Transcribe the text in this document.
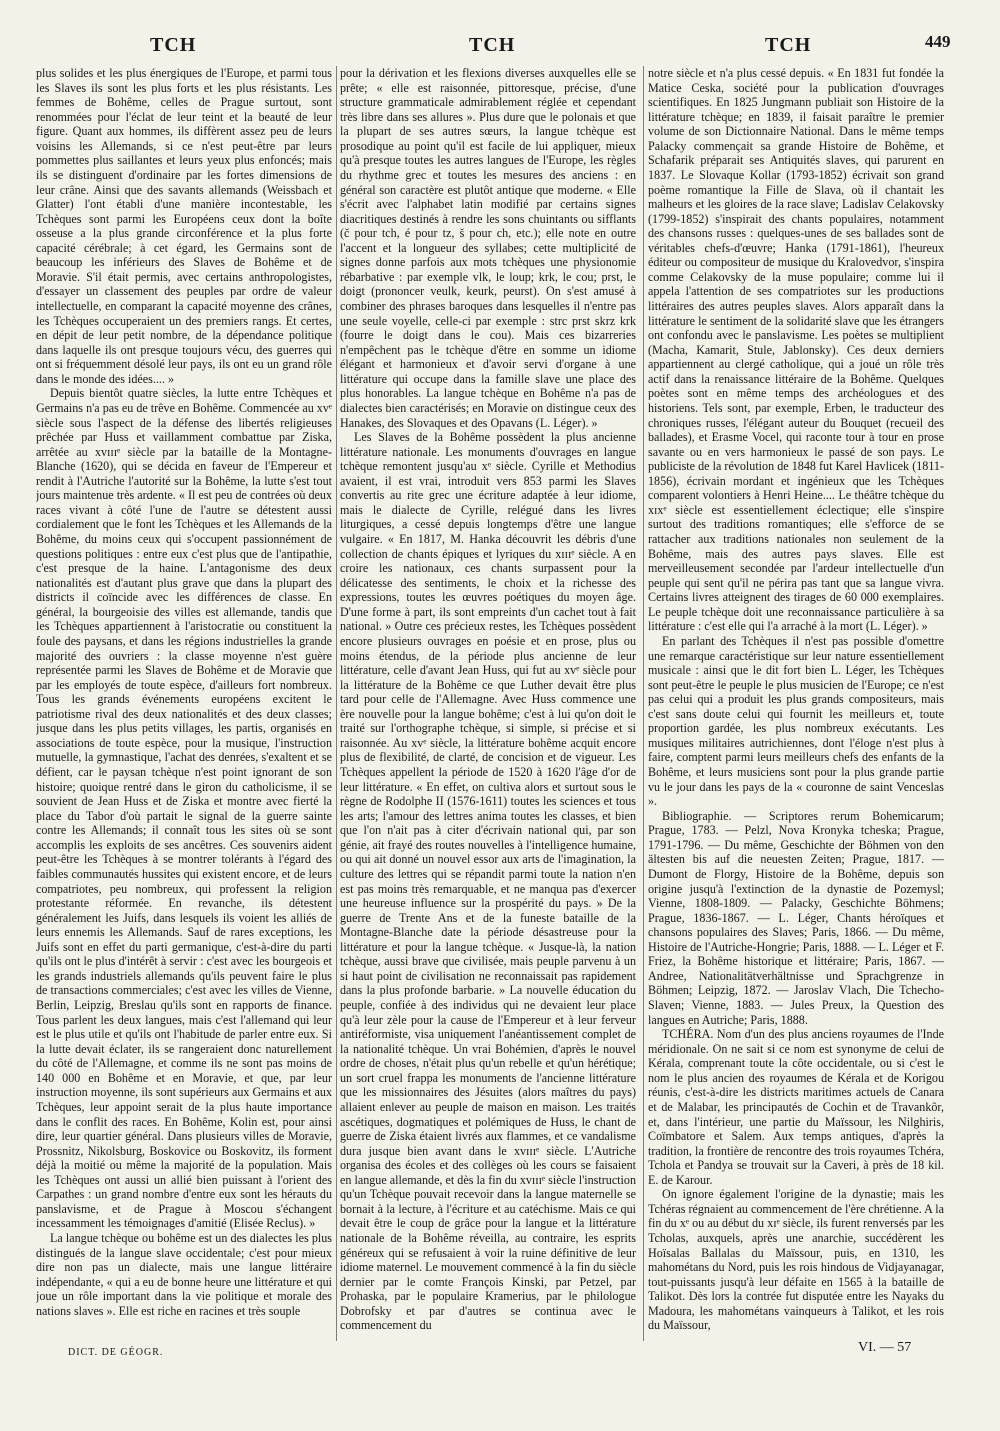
TCH	TCH	TCH	449

plus solides et les plus énergiques de l'Europe, et parmi tous les Slaves ils sont les plus forts et les plus résistants. Les femmes de Bohême, celles de Prague surtout, sont renommées pour l'éclat de leur teint et la beauté de leur figure. Quant aux hommes, ils diffèrent assez peu de leurs voisins les Allemands, si ce n'est peut-être par leurs pommettes plus saillantes et leurs yeux plus enfoncés; mais ils se distinguent d'ordinaire par les fortes dimensions de leur crâne. Ainsi que des savants allemands (Weissbach et Glatter) l'ont établi d'une manière incontestable, les Tchèques sont parmi les Européens ceux dont la boîte osseuse a la plus grande circonférence et la plus forte capacité cérébrale; à cet égard, les Germains sont de beaucoup les inférieurs des Slaves de Bohême et de Moravie. S'il était permis, avec certains anthropologistes, d'essayer un classement des peuples par ordre de valeur intellectuelle, en comparant la capacité moyenne des crânes, les Tchèques occuperaient un des premiers rangs. Et certes, en dépit de leur petit nombre, de la dépendance politique dans laquelle ils ont presque toujours vécu, des guerres qui ont si fréquemment désolé leur pays, ils ont eu un grand rôle dans le monde des idées.... »

Depuis bientôt quatre siècles, la lutte entre Tchèques et Germains n'a pas eu de trêve en Bohême. Commencée au xvᵉ siècle sous l'aspect de la défense des libertés religieuses prêchée par Huss et vaillamment combattue par Ziska, arrêtée au xvɪɪɪᵉ siècle par la bataille de la Montagne-Blanche (1620), qui se décida en faveur de l'Empereur et rendit à l'Autriche l'autorité sur la Bohême, la lutte s'est tout jours maintenue très ardente. « Il est peu de contrées où deux races vivant à côté l'une de l'autre se détestent aussi cordialement que le font les Tchèques et les Allemands de la Bohême, du moins ceux qui s'occupent passionnément de questions politiques : entre eux c'est plus que de l'antipathie, c'est presque de la haine. L'antagonisme des deux nationalités est d'autant plus grave que dans la plupart des districts il coïncide avec les différences de classe. En général, la bourgeoisie des villes est allemande, tandis que les Tchèques appartiennent à l'aristocratie ou constituent la foule des paysans, et dans les régions industrielles la grande majorité des ouvriers : la classe moyenne n'est guère représentée parmi les Slaves de Bohême et de Moravie que par les employés de toute espèce, d'ailleurs fort nombreux. Tous les grands événements européens excitent le patriotisme rival des deux nationalités et des deux classes; jusque dans les plus petits villages, les partis, organisés en associations de toute espèce, pour la musique, l'instruction mutuelle, la gymnastique, l'achat des denrées, s'exaltent et se défient, car le paysan tchèque n'est point ignorant de son histoire; quoique rentré dans le giron du catholicisme, il se souvient de Jean Huss et de Ziska et montre avec fierté la place du Tabor d'où partait le signal de la guerre sainte contre les Allemands; il connaît tous les sites où se sont accomplis les exploits de ses ancêtres. Ces souvenirs aident peut-être les Tchèques à se montrer tolérants à l'égard des faibles communautés hussites qui existent encore, et de leurs compatriotes, peu nombreux, qui professent la religion protestante réformée. En revanche, ils détestent généralement les Juifs, dans lesquels ils voient les alliés de leurs ennemis les Allemands. Sauf de rares exceptions, les Juifs sont en effet du parti germanique, c'est-à-dire du parti qu'ils ont le plus d'intérêt à servir : c'est avec les bourgeois et les grands industriels allemands qu'ils peuvent faire le plus de transactions commerciales; c'est avec les villes de Vienne, Berlin, Leipzig, Breslau qu'ils sont en rapports de finance. Tous parlent les deux langues, mais c'est l'allemand qui leur est le plus utile et qu'ils ont l'habitude de parler entre eux. Si la lutte devait éclater, ils se rangeraient donc naturellement du côté de l'Allemagne, et comme ils ne sont pas moins de 140 000 en Bohême et en Moravie, et que, par leur instruction moyenne, ils sont supérieurs aux Germains et aux Tchèques, leur appoint serait de la plus haute importance dans le conflit des races. En Bohême, Kolin est, pour ainsi dire, leur quartier général. Dans plusieurs villes de Moravie, Prossnitz, Nikolsburg, Boskovice ou Boskovitz, ils forment déjà la moitié ou même la majorité de la population. Mais les Tchèques ont aussi un allié bien puissant à l'orient des Carpathes : un grand nombre d'entre eux sont les hérauts du panslavisme, et de Prague à Moscou s'échangent incessamment les témoignages d'amitié (Elisée Reclus). »

La langue tchèque ou bohême est un des dialectes les plus distingués de la langue slave occidentale; c'est pour mieux dire non pas un dialecte, mais une langue littéraire indépendante, « qui a eu de bonne heure une littérature et qui joue un rôle important dans la vie politique et morale des nations slaves ». Elle est riche en racines et très souple

pour la dérivation et les flexions diverses auxquelles elle se prête; « elle est raisonnée, pittoresque, précise, d'une structure grammaticale admirablement réglée et cependant très libre dans ses allures ». Plus dure que le polonais et que la plupart de ses autres sœurs, la langue tchèque est prosodique au point qu'il est facile de lui appliquer, mieux qu'à presque toutes les autres langues de l'Europe, les règles du rhythme grec et toutes les mesures des anciens : en général son caractère est plutôt antique que moderne. « Elle s'écrit avec l'alphabet latin modifié par certains signes diacritiques destinés à rendre les sons chuintants ou sifflants (č pour tch, é pour tz, š pour ch, etc.); elle note en outre l'accent et la longueur des syllabes; cette multiplicité de signes donne parfois aux mots tchèques une physionomie rébarbative : par exemple vlk, le loup; krk, le cou; prst, le doigt (prononcer veulk, keurk, peurst). On s'est amusé à combiner des phrases baroques dans lesquelles il n'entre pas une seule voyelle, celle-ci par exemple : strc prst skrz krk (fourre le doigt dans le cou). Mais ces bizarreries n'empêchent pas le tchèque d'être en somme un idiome élégant et harmonieux et d'avoir servi d'organe à une littérature qui occupe dans la famille slave une place des plus honorables. La langue tchèque en Bohême n'a pas de dialectes bien caractérisés; en Moravie on distingue ceux des Hanakes, des Slovaques et des Opavans (L. Léger). »

Les Slaves de la Bohême possèdent la plus ancienne littérature nationale. Les monuments d'ouvrages en langue tchèque remontent jusqu'au xᵉ siècle. Cyrille et Methodius avaient, il est vrai, introduit vers 853 parmi les Slaves convertis au rite grec une écriture adaptée à leur idiome, mais le dialecte de Cyrille, relégué dans les livres liturgiques, a cessé depuis longtemps d'être une langue vulgaire. « En 1817, M. Hanka découvrit les débris d'une collection de chants épiques et lyriques du xɪɪɪᵉ siècle. A en croire les nationaux, ces chants surpassent pour la délicatesse des sentiments, le choix et la richesse des expressions, toutes les œuvres poétiques du moyen âge. D'une forme à part, ils sont empreints d'un cachet tout à fait national. » Outre ces précieux restes, les Tchèques possèdent encore plusieurs ouvrages en poésie et en prose, plus ou moins étendus, de la période plus ancienne de leur littérature, celle d'avant Jean Huss, qui fut au xvᵉ siècle pour la littérature de la Bohême ce que Luther devait être plus tard pour celle de l'Allemagne. Avec Huss commence une ère nouvelle pour la langue bohême; c'est à lui qu'on doit le traité sur l'orthographe tchèque, si simple, si précise et si raisonnée. Au xvᵉ siècle, la littérature bohême acquit encore plus de flexibilité, de clarté, de concision et de vigueur. Les Tchèques appellent la période de 1520 à 1620 l'âge d'or de leur littérature. « En effet, on cultiva alors et surtout sous le règne de Rodolphe II (1576-1611) toutes les sciences et tous les arts; l'amour des lettres anima toutes les classes, et bien que l'on n'ait pas à citer d'écrivain national qui, par son génie, ait frayé des routes nouvelles à l'intelligence humaine, ou qui ait donné un nouvel essor aux arts de l'imagination, la culture des lettres qui se répandit parmi toute la nation n'en est pas moins très remarquable, et ne manqua pas d'exercer une heureuse influence sur la prospérité du pays. » De la guerre de Trente Ans et de la funeste bataille de la Montagne-Blanche date la période désastreuse pour la littérature et pour la langue tchèque. « Jusque-là, la nation tchèque, aussi brave que civilisée, mais peuple parvenu à un si haut point de civilisation ne reconnaissait pas rapidement dans la plus profonde barbarie. » La nouvelle éducation du peuple, confiée à des individus qui ne devaient leur place qu'à leur zèle pour la cause de l'Empereur et à leur ferveur antiréformiste, visa uniquement l'anéantissement complet de la nationalité tchèque. Un vrai Bohémien, d'après le nouvel ordre de choses, n'était plus qu'un rebelle et qu'un hérétique; un sort cruel frappa les monuments de l'ancienne littérature que les missionnaires des Jésuites (alors maîtres du pays) allaient enlever au peuple de maison en maison. Les traités ascétiques, dogmatiques et polémiques de Huss, le chant de guerre de Ziska étaient livrés aux flammes, et ce vandalisme dura jusque bien avant dans le xvɪɪɪᵉ siècle. L'Autriche organisa des écoles et des collèges où les cours se faisaient en langue allemande, et dès la fin du xvɪɪɪᵉ siècle l'instruction qu'un Tchèque pouvait recevoir dans la langue maternelle se bornait à la lecture, à l'écriture et au catéchisme. Mais ce qui devait être le coup de grâce pour la langue et la littérature nationale de la Bohême réveilla, au contraire, les esprits généreux qui se refusaient à voir la ruine définitive de leur idiome maternel. Le mouvement commencé à la fin du siècle dernier par le comte François Kinski, par Petzel, par Prohaska, par le populaire Kramerius, par le philologue Dobrofsky et par d'autres se continua avec le commencement du

notre siècle et n'a plus cessé depuis. « En 1831 fut fondée la Matice Ceska, société pour la publication d'ouvrages scientifiques. En 1825 Jungmann publiait son Histoire de la littérature tchèque; en 1839, il faisait paraître le premier volume de son Dictionnaire National. Dans le même temps Palacky commençait sa grande Histoire de Bohême, et Schafarik préparait ses Antiquités slaves, qui parurent en 1837. Le Slovaque Kollar (1793-1852) écrivait son grand poème romantique la Fille de Slava, où il chantait les malheurs et les gloires de la race slave; Ladislav Celakovsky (1799-1852) s'inspirait des chants populaires, notamment des chansons russes : quelques-unes de ses ballades sont de véritables chefs-d'œuvre; Hanka (1791-1861), l'heureux éditeur ou compositeur de musique du Kralovedvor, s'inspira comme Celakovsky de la muse populaire; comme lui il appela l'attention de ses compatriotes sur les productions littéraires des autres peuples slaves. Alors apparaît dans la littérature le sentiment de la solidarité slave que les étrangers ont confondu avec le panslavisme. Les poètes se multiplient (Macha, Kamarit, Stule, Jablonsky). Ces deux derniers appartiennent au clergé catholique, qui a joué un rôle très actif dans la renaissance littéraire de la Bohême. Quelques poètes sont en même temps des archéologues et des historiens. Tels sont, par exemple, Erben, le traducteur des chroniques russes, l'élégant auteur du Bouquet (recueil des ballades), et Erasme Vocel, qui raconte tour à tour en prose savante ou en vers harmonieux le passé de son pays. Le publiciste de la révolution de 1848 fut Karel Havlicek (1811-1856), écrivain mordant et ingénieux que les Tchèques comparent volontiers à Henri Heine.... Le théâtre tchèque du xɪxᵉ siècle est essentiellement éclectique; elle s'inspire surtout des traditions romantiques; elle s'efforce de se rattacher aux traditions nationales non seulement de la Bohême, mais des autres pays slaves. Elle est merveilleusement secondée par l'ardeur intellectuelle d'un peuple qui sent qu'il ne périra pas tant que sa langue vivra. Certains livres atteignent des tirages de 60 000 exemplaires. Le peuple tchèque doit une reconnaissance particulière à sa littérature : c'est elle qui l'a arraché à la mort (L. Léger). »

En parlant des Tchèques il n'est pas possible d'omettre une remarque caractéristique sur leur nature essentiellement musicale : ainsi que le dit fort bien L. Léger, les Tchèques sont peut-être le peuple le plus musicien de l'Europe; ce n'est pas celui qui a produit les plus grands compositeurs, mais c'est sans doute celui qui fournit les meilleurs et, toute proportion gardée, les plus nombreux exécutants. Les musiques militaires autrichiennes, dont l'éloge n'est plus à faire, comptent parmi leurs meilleurs chefs des enfants de la Bohême, et leurs musiciens sont pour la plus grande partie vu le jour dans les pays de la « couronne de saint Venceslas ».

Bibliographie. — Scriptores rerum Bohemicarum; Prague, 1783. — Pelzl, Nova Kronyka tcheska; Prague, 1791-1796. — Du même, Geschichte der Böhmen von den ältesten bis auf die neuesten Zeiten; Prague, 1817. — Dumont de Florgy, Histoire de la Bohême, depuis son origine jusqu'à l'extinction de la dynastie de Pozemysl; Vienne, 1808-1809. — Palacky, Geschichte Böhmens; Prague, 1836-1867. — L. Léger, Chants héroïques et chansons populaires des Slaves; Paris, 1866. — Du même, Histoire de l'Autriche-Hongrie; Paris, 1888. — L. Léger et F. Friez, la Bohême historique et littéraire; Paris, 1867. — Andree, Nationalitätverhältnisse und Sprachgrenze in Böhmen; Leipzig, 1872. — Jaroslav Vlach, Die Tchecho-Slaven; Vienne, 1883. — Jules Preux, la Question des langues en Autriche; Paris, 1888.

TCHÉRA. Nom d'un des plus anciens royaumes de l'Inde méridionale. On ne sait si ce nom est synonyme de celui de Kérala, comprenant toute la côte occidentale, ou si c'est le nom le plus ancien des royaumes de Kérala et de Korigou réunis, c'est-à-dire les districts maritimes actuels de Canara et de Malabar, les principautés de Cochin et de Travankôr, et, dans l'intérieur, une partie du Maïssour, les Nilghiris, Coïmbatore et Salem. Aux temps antiques, d'après la tradition, la frontière de rencontre des trois royaumes Tchéra, Tchola et Pandya se trouvait sur la Caveri, à près de 18 kil. E. de Karour.

On ignore également l'origine de la dynastie; mais les Tchéras régnaient au commencement de l'ère chrétienne. A la fin du xᵉ ou au début du xɪᵉ siècle, ils furent renversés par les Tcholas, auxquels, après une anarchie, succédèrent les Hoïsalas Ballalas du Maïssour, puis, en 1310, les mahométans du Nord, puis les rois hindous de Vidjayanagar, tout-puissants jusqu'à leur défaite en 1565 à la bataille de Talikot. Dès lors la contrée fut disputée entre les Nayaks du Madoura, les mahométans vainqueurs à Talikot, et les rois du Maïssour,

DICT. DE GÉOGR.	VI. — 57
